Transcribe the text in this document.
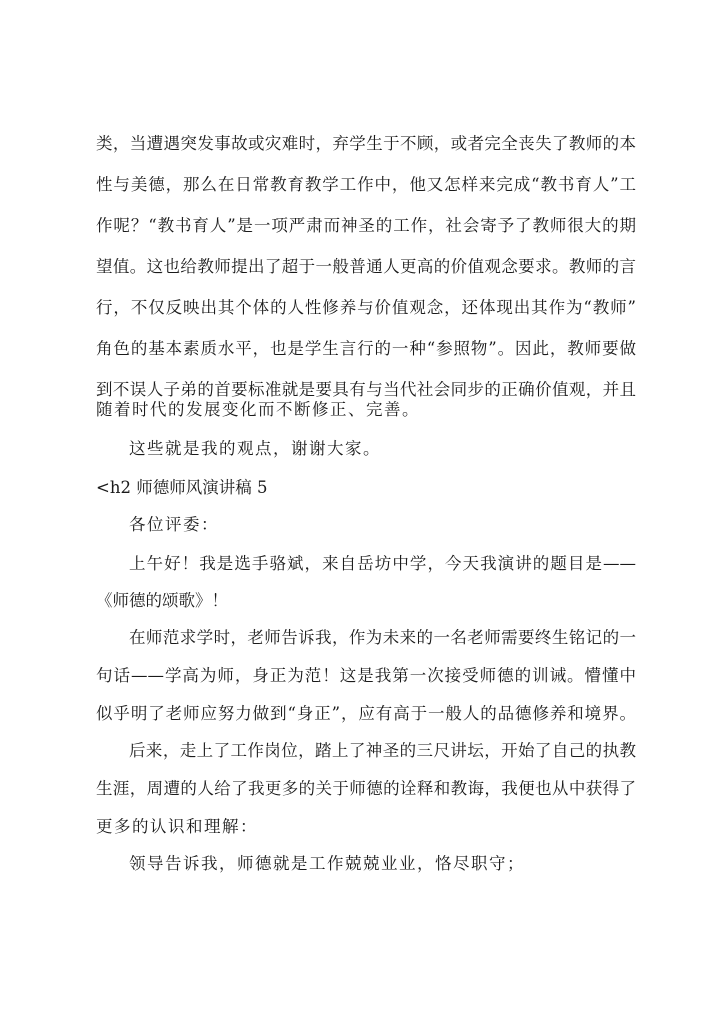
类，当遭遇突发事故或灾难时，弃学生于不顾，或者完全丧失了教师的本
性与美德，那么在日常教育教学工作中，他又怎样来完成“教书育人”工
作呢？“教书育人”是一项严肃而神圣的工作，社会寄予了教师很大的期
望值。这也给教师提出了超于一般普通人更高的价值观念要求。教师的言
行，不仅反映出其个体的人性修养与价值观念，还体现出其作为“教师”
角色的基本素质水平，也是学生言行的一种“参照物”。因此，教师要做
到不误人子弟的首要标准就是要具有与当代社会同步的正确价值观，并且
随着时代的发展变化而不断修正、完善。
这些就是我的观点，谢谢大家。
<h2 师德师风演讲稿 5
各位评委：
上午好！我是选手骆斌，来自岳坊中学，今天我演讲的题目是——
《师德的颂歌》！
在师范求学时，老师告诉我，作为未来的一名老师需要终生铭记的一
句话——学高为师，身正为范！这是我第一次接受师德的训诫。懵懂中
似乎明了老师应努力做到“身正”，应有高于一般人的品德修养和境界。
后来，走上了工作岗位，踏上了神圣的三尺讲坛，开始了自己的执教
生涯，周遭的人给了我更多的关于师德的诠释和教诲，我便也从中获得了
更多的认识和理解：
领导告诉我，师德就是工作兢兢业业，恪尽职守；
